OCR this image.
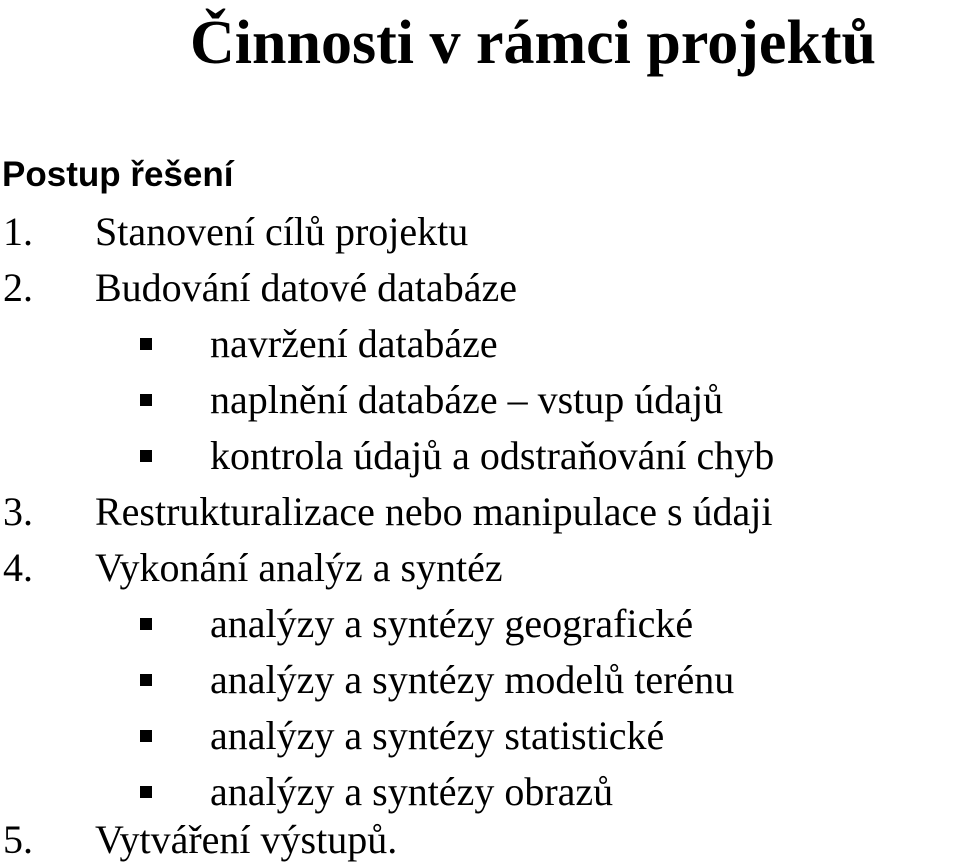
Činnosti v rámci projektů
Postup řešení
1. Stanovení cílů projektu
2. Budování datové databáze
navržení databáze
naplnění databáze – vstup údajů
kontrola údajů a odstraňování chyb
3. Restrukturalizace nebo manipulace s údaji
4. Vykonání analýz a syntéz
analýzy a syntézy geografické
analýzy a syntézy modelů terénu
analýzy a syntézy statistické
analýzy a syntézy obrazů
5. Vytváření výstupů.
